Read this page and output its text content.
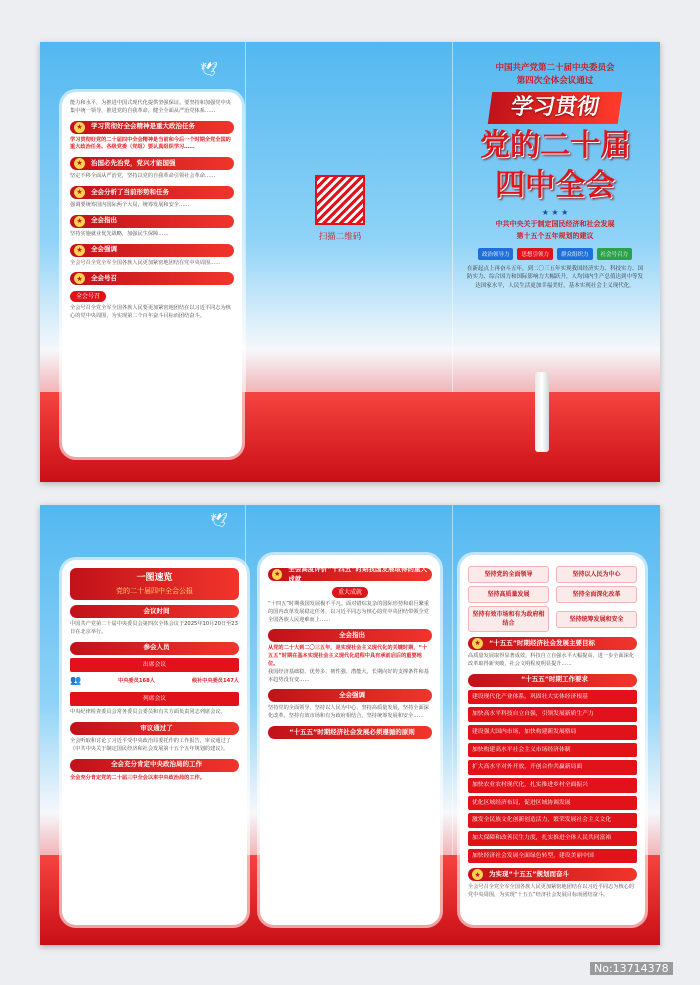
🕊
能力和水平，为推进中国式现代化提供坚强保证。要坚持和加强党中央集中统一领导，推进党的自我革命，健全全面从严治党体系……
★	学习贯彻好全会精神是重大政治任务
学习贯彻好党的二十届四中全会精神是当前和今后一个时期全党全国的重大政治任务。各级党委（党组）要认真组织学习……
★	治国必先治党，党兴才能国强
坚定不移全面从严治党，坚持以党的自我革命引领社会革命……
★	全会分析了当前形势和任务
强调要统筹国内国际两个大局，统筹发展和安全……
★	全会指出
坚持实施就业优先战略，加强民生保障……
★	全会强调
全会号召全党全军全国各族人民更加紧密地团结在党中央周围……
★	全会号召
全会号召
全会号召全党全军全国各族人民要更加紧密地团结在以习近平同志为核心的党中央周围，为实现第二个百年奋斗目标而团结奋斗。
扫描二维码
中国共产党第二十届中央委员会
第四次全体会议通过
学习贯彻
党的二十届
四中全会
★ ★ ★
中共中央关于制定国民经济和社会发展
第十五个五年规划的建议
政治领导力	思想引领力	群众组织力	社会号召力
在新起点上再奋斗五年，到二〇三五年实现我国经济实力、科技实力、国防实力、综合国力和国际影响力大幅跃升，人均国内生产总值达到中等发达国家水平，人民生活更加幸福美好，基本实现社会主义现代化。
🕊
一图速览
党的二十届四中全会公报
会议时间
中国共产党第二十届中央委员会第四次全体会议于2025年10月20日至23日在北京举行。
参会人员
出席会议
👥	中央委员168人	候补中央委员147人
列席会议
中央纪律检查委员会常务委员会委员和有关方面负责同志列席会议。
审议通过了
全会听取和讨论了习近平受中央政治局委托作的工作报告，审议通过了《中共中央关于制定国民经济和社会发展第十五个五年规划的建议》。
全会充分肯定中央政治局的工作
全会充分肯定党的二十届三中全会以来中央政治局的工作。
★
全会高度评价“十四五”时期我国发展取得的重大成就
重大成就
“十四五”时期我国发展极不平凡。面对错综复杂的国际形势和艰巨繁重的国内改革发展稳定任务，以习近平同志为核心的党中央团结带领全党全国各族人民迎难而上……
全会指出
从党的二十大到二〇三五年，是实现社会主义现代化的关键时期，“十五五”时期在基本实现社会主义现代化进程中具有承前启后的重要地位。
我国经济基础稳、优势多、韧性强、潜能大，长期向好的支撑条件和基本趋势没有变……
全会强调
坚持党的全面领导，坚持以人民为中心，坚持高质量发展，坚持全面深化改革，坚持有效市场和有为政府相结合，坚持统筹发展和安全……
“十五五”时期经济社会发展必须遵循的原则
坚持党的全面领导	坚持以人民为中心
坚持高质量发展	坚持全面深化改革
坚持有效市场和有为政府相结合
坚持统筹发展和安全
★	“十五五”时期经济社会发展主要目标
高质量发展取得显著成效，科技自立自强水平大幅提高，进一步全面深化改革取得新突破，社会文明程度明显提升……
“十五五”时期工作要求
建设现代化产业体系，巩固壮大实体经济根基
加快高水平科技自立自强，引领发展新质生产力
建设强大国内市场，加快构建新发展格局
加快构建高水平社会主义市场经济体制
扩大高水平对外开放，开创合作共赢新局面
加快农业农村现代化，扎实推进乡村全面振兴
优化区域经济布局，促进区域协调发展
激发全民族文化创新创造活力，繁荣发展社会主义文化
加大保障和改善民生力度，扎实推进全体人民共同富裕
加快经济社会发展全面绿色转型，建设美丽中国
★	为实现“十五五”规划而奋斗
全会号召全党全军全国各族人民更加紧密地团结在以习近平同志为核心的党中央周围，为实现“十五五”经济社会发展目标而团结奋斗。
No:13714378
